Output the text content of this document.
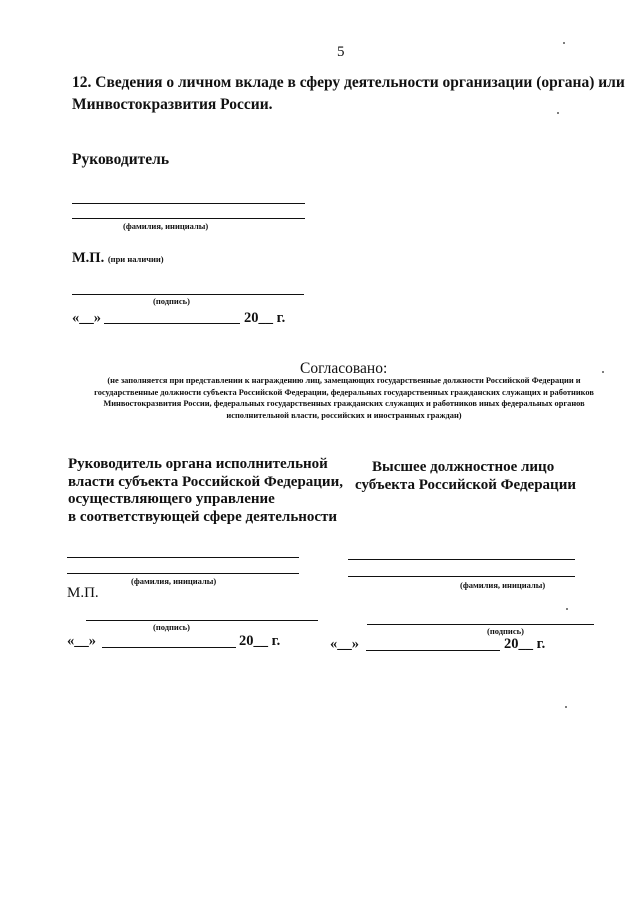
5
12. Сведения о личном вкладе в сферу деятельности организации (органа) или
Минвостокразвития России.
Руководитель
(фамилия, инициалы)
М.П. (при наличии)
(подпись)
«__»	20__ г.
Согласовано:
(не заполняется при представлении к награждению лиц, замещающих государственные должности Российской Федерации и
государственные должности субъекта Российской Федерации, федеральных государственных гражданских служащих и работников
Минвостокразвития России, федеральных государственных гражданских служащих и работников иных федеральных органов
исполнительной власти, российских и иностранных граждан)
Руководитель органа исполнительной
власти субъекта Российской Федерации,
осуществляющего управление
в соответствующей сфере деятельности
(фамилия, инициалы)
М.П.
(подпись)
«__»	20__ г.
Высшее должностное лицо
субъекта Российской Федерации
(фамилия, инициалы)
(подпись)
«__»	20__ г.
